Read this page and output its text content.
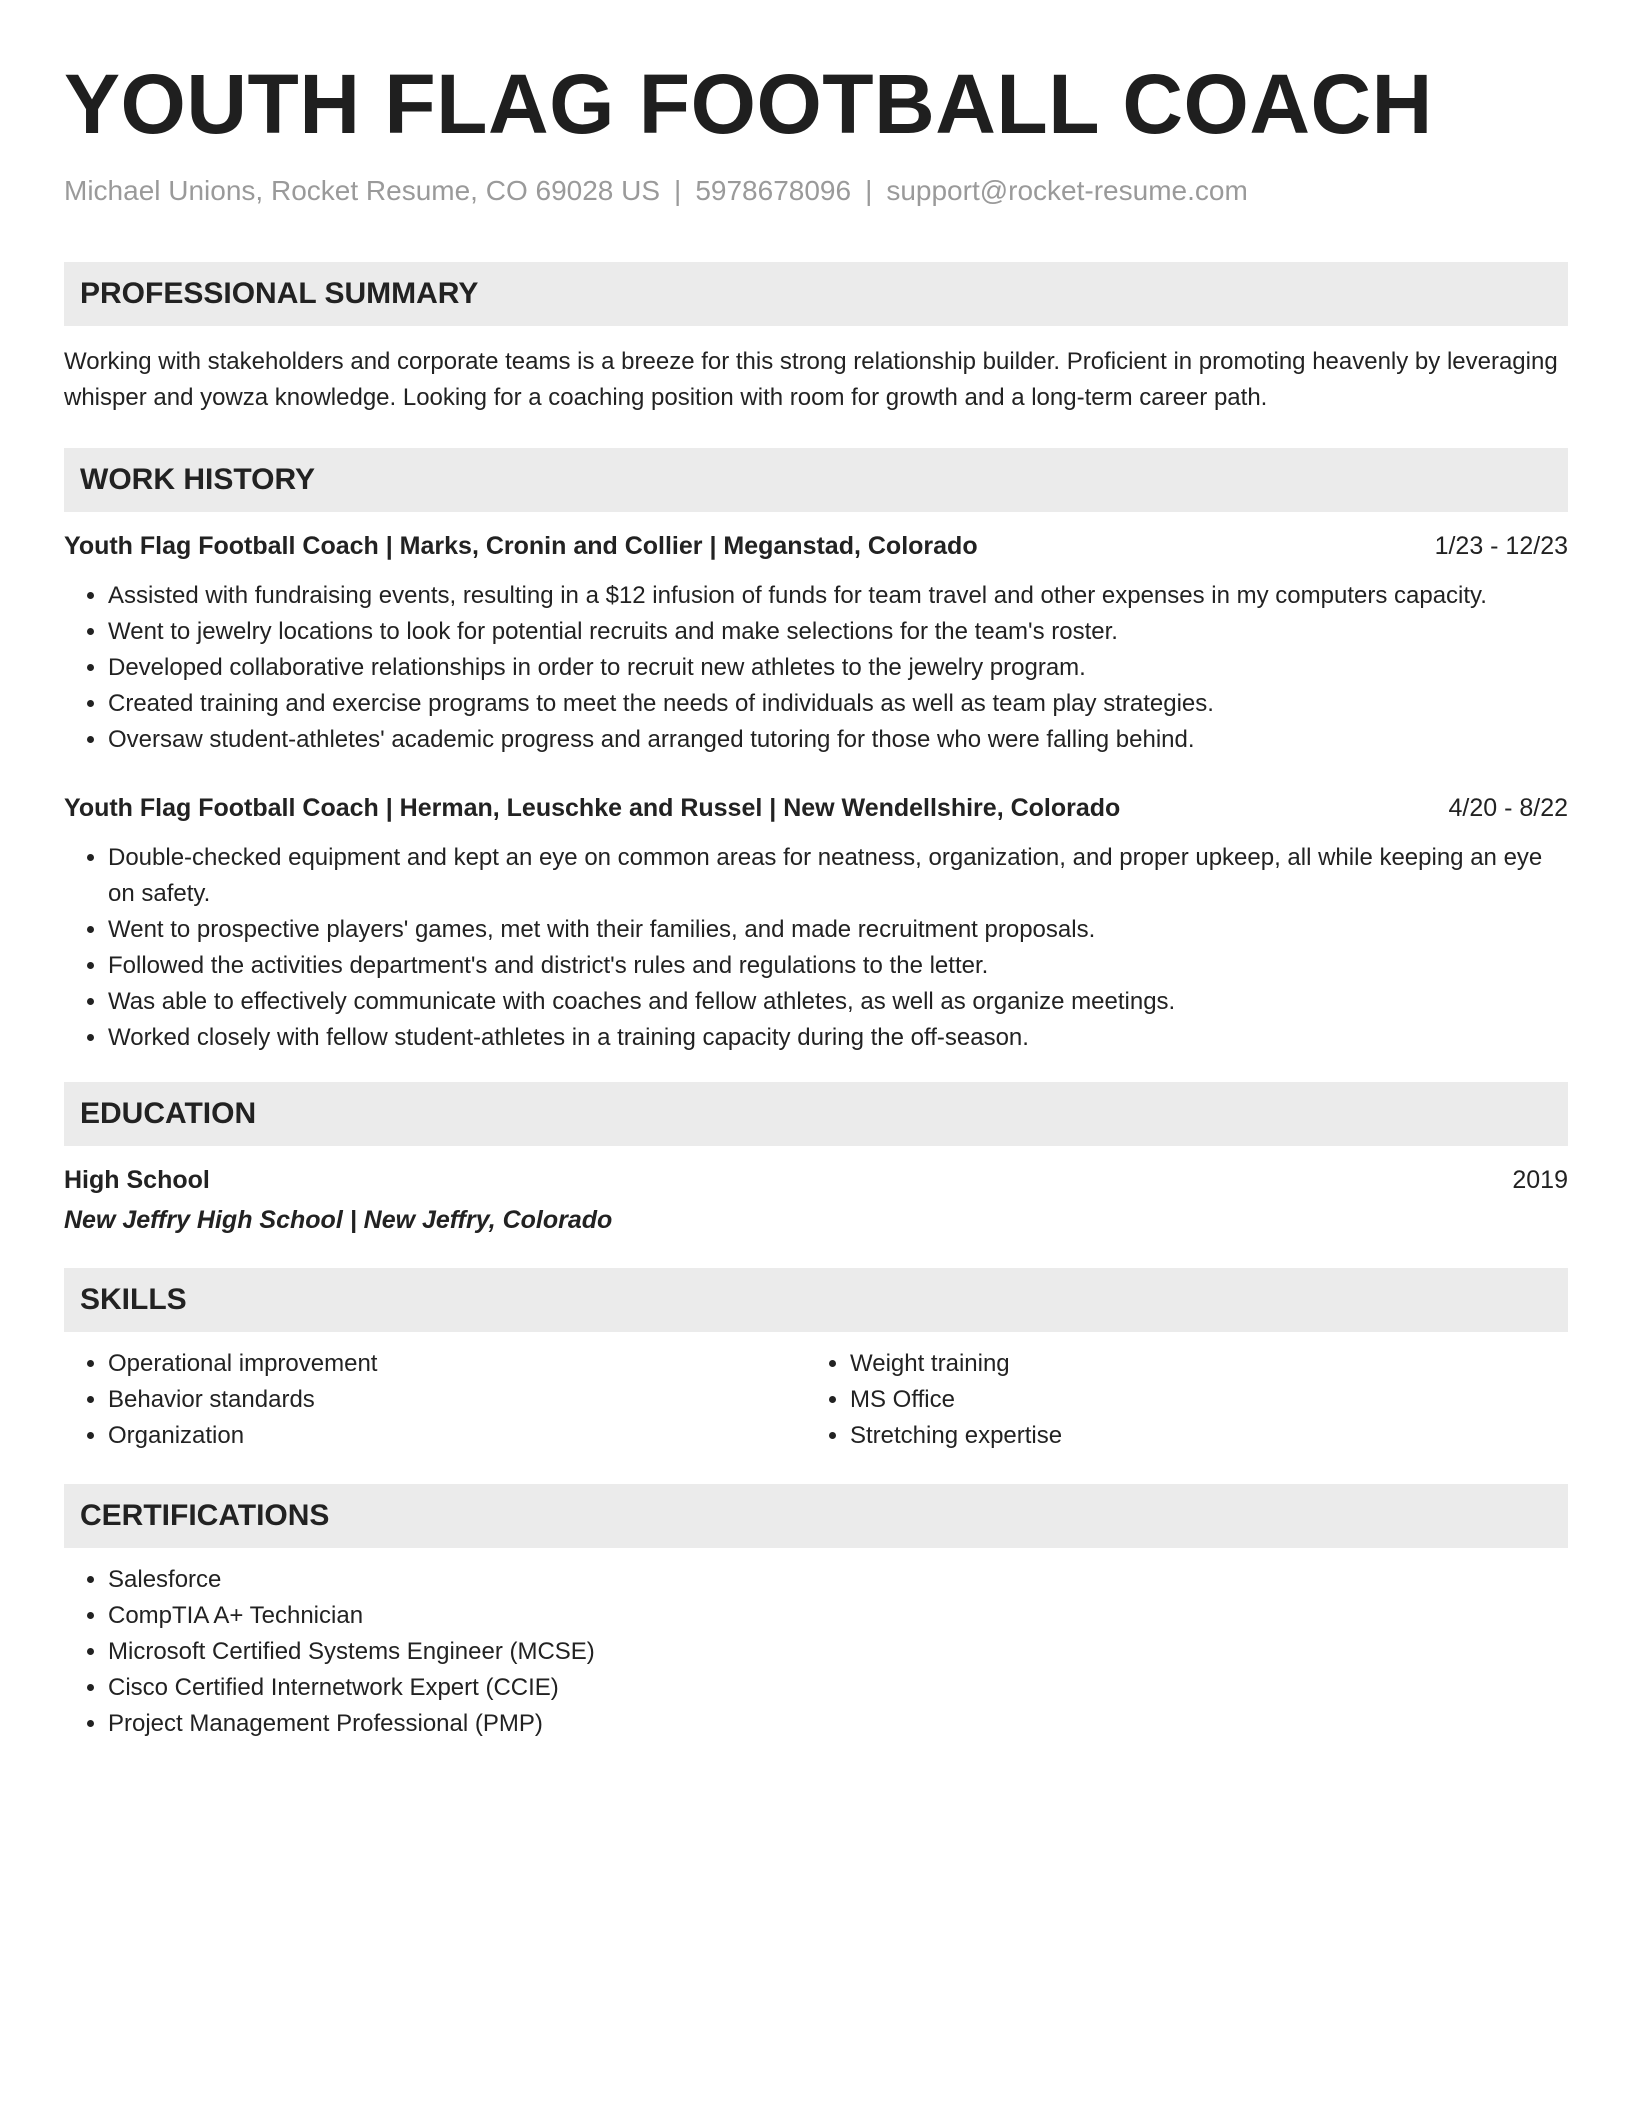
YOUTH FLAG FOOTBALL COACH
Michael Unions, Rocket Resume, CO 69028 US | 5978678096 | support@rocket-resume.com
PROFESSIONAL SUMMARY

Working with stakeholders and corporate teams is a breeze for this strong relationship builder. Proficient in promoting heavenly by leveraging whisper and yowza knowledge. Looking for a coaching position with room for growth and a long-term career path.

WORK HISTORY
Youth Flag Football Coach | Marks, Cronin and Collier | Meganstad, Colorado	1/23 - 12/23
• Assisted with fundraising events, resulting in a $12 infusion of funds for team travel and other expenses in my computers capacity.
• Went to jewelry locations to look for potential recruits and make selections for the team's roster.
• Developed collaborative relationships in order to recruit new athletes to the jewelry program.
• Created training and exercise programs to meet the needs of individuals as well as team play strategies.
• Oversaw student-athletes' academic progress and arranged tutoring for those who were falling behind.
Youth Flag Football Coach | Herman, Leuschke and Russel | New Wendellshire, Colorado	4/20 - 8/22
• Double-checked equipment and kept an eye on common areas for neatness, organization, and proper upkeep, all while keeping an eye on safety.
• Went to prospective players' games, met with their families, and made recruitment proposals.
• Followed the activities department's and district's rules and regulations to the letter.
• Was able to effectively communicate with coaches and fellow athletes, as well as organize meetings.
• Worked closely with fellow student-athletes in a training capacity during the off-season.
EDUCATION
High School	2019
New Jeffry High School | New Jeffry, Colorado
SKILLS
• Operational improvement
• Behavior standards
• Organization
• Weight training
• MS Office
• Stretching expertise
CERTIFICATIONS
• Salesforce
• CompTIA A+ Technician
• Microsoft Certified Systems Engineer (MCSE)
• Cisco Certified Internetwork Expert (CCIE)
• Project Management Professional (PMP)
